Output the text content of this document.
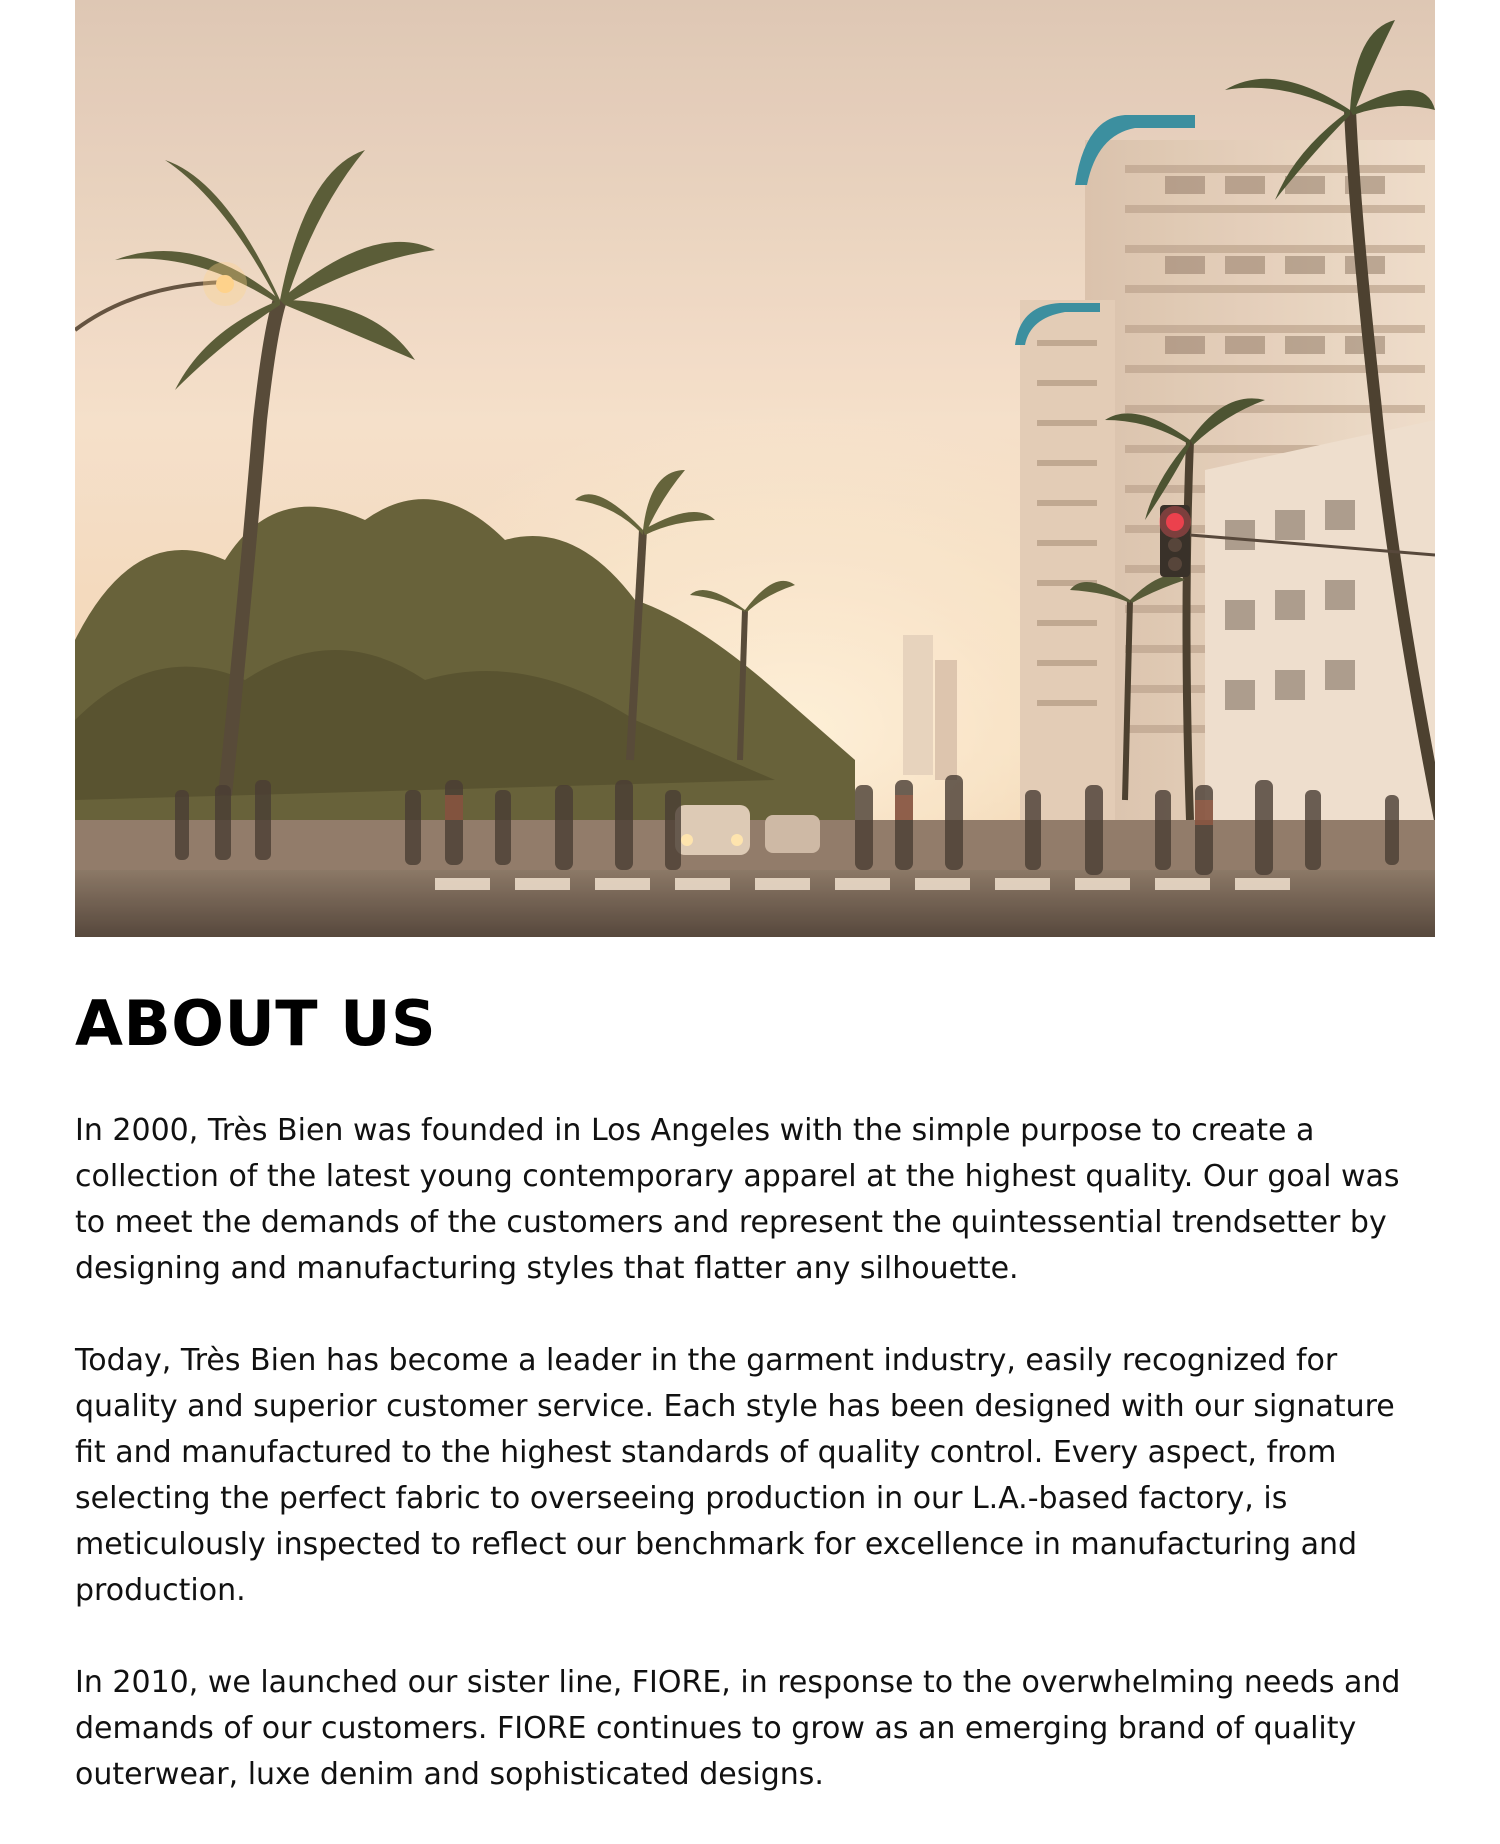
ABOUT US

In 2000, Très Bien was founded in Los Angeles with the simple purpose to create a collection of the latest young contemporary apparel at the highest quality. Our goal was to meet the demands of the customers and represent the quintessential trendsetter by designing and manufacturing styles that flatter any silhouette.

Today, Très Bien has become a leader in the garment industry, easily recognized for quality and superior customer service. Each style has been designed with our signature fit and manufactured to the highest standards of quality control. Every aspect, from selecting the perfect fabric to overseeing production in our L.A.-based factory, is meticulously inspected to reflect our benchmark for excellence in manufacturing and production.

In 2010, we launched our sister line, FIORE, in response to the overwhelming needs and demands of our customers. FIORE continues to grow as an emerging brand of quality outerwear, luxe denim and sophisticated designs.
